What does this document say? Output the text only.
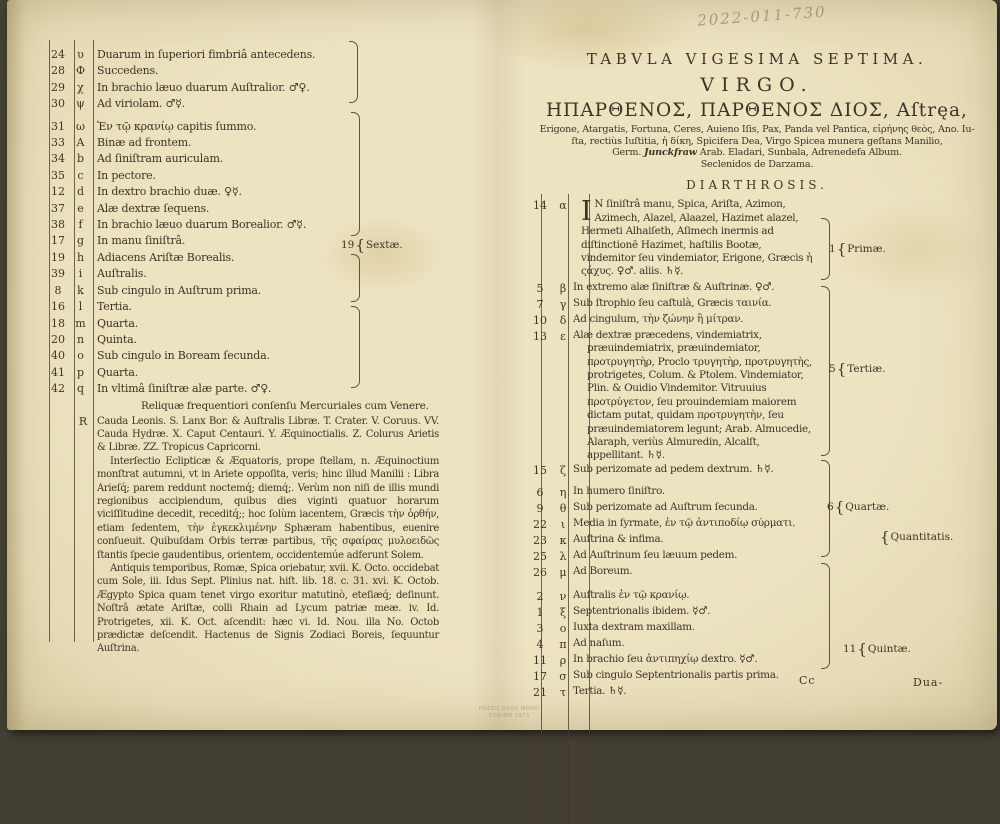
2022-011-730
24	υ	Duarum in ſuperiori fimbriâ antecedens.
28 Φ	Succedens.
29	χ	In brachio læuo duarum Auſtralior. ♂♀.
30	ψ	Ad viriolam. ♂☿.
31	ω	Ἐν τῷ κρανίῳ capitis ſummo.
33	A	Binæ ad frontem.
34	b	Ad ſiniſtram auriculam.
35	c	In pectore.
12	d	In dextro brachio duæ. ♀☿.
37	e	Alæ dextræ ſequens.
38	f	In brachio læuo duarum Borealior. ♂☿.
17	g	In manu ſiniſtrâ.
19	h	Adiacens Ariſtæ Borealis.
39	i	Auſtralis.
8	k	Sub cingulo in Auſtrum prima.
16	l	Tertia.
18 m	Quarta.
20	n	Quinta.
40	o	Sub cingulo in Boream ſecunda.
41	p	Quarta.
42	q	In vltimâ ſiniſtræ alæ parte. ♂♀.
19{Sextæ.
Reliquæ frequentiori conſenſu Mercuriales cum Venere.
R Cauda Leonis. S. Lanx Bor. & Auſtralis Libræ. T. Crater. V. Coruus. VV. Cauda Hydræ. X. Caput Centauri. Y. Æquinoctialis. Z. Colurus Arietis & Libræ. ZZ. Tropicus Capricorni.

Interſectio Eclipticæ & Æquatoris, prope ſtellam, n. Æquinoctium monſtrat autumni, vt in Ariete oppoſita, veris; hinc illud Manilii : Libra Arieſq́; parem reddunt noctemq́; diemq́;. Verùm non niſi de illis mundi regionibus accipiendum, quibus dies viginti quatuor horarum viciſſitudine decedit, receditq́;; hoc ſolùm iacentem, Græcis τὴν ὀρθήν, etiam ſedentem, τὴν ἐγκεκλιμένην Sphæram habentibus, euenire conſueuit. Quibuſdam Orbis terræ partibus, τῆς σφαίρας μυλοειδῶς ſtantis ſpecie gaudentibus, orientem, occidentemúe adferunt Solem.

Antiquis temporibus, Romæ, Spica oriebatur, xvii. K. Octo. occidebat cum Sole, iii. Idus Sept. Plinius nat. hiſt. lib. 18. c. 31. xvi. K. Octob. Ægypto Spica quam tenet virgo exoritur matutinò, eteſiæq́; deſinunt. Noſtrâ ætate Ariſtæ, colli Rhain ad Lycum patriæ meæ. iv. Id. Protrigetes, xii. K. Oct. aſcendit: hæc vi. Id. Nou. illa No. Octob prædictæ deſcendit. Hactenus de Signis Zodiaci Boreis, ſequuntur Auſtrina.

TABVLA VIGESIMA SEPTIMA.
VIRGO.
ΗΠΑΡΘΕΝΟΣ, ΠΑΡΘΕΝΟΣ ΔΙΟΣ, Aſtręa,
Erigone, Atargatis, Fortuna, Ceres, Auieno Iſis, Pax, Panda vel Pantica, εἰρήνης θεὸς, Ano. Iu-
ſta, rectiùs Iuſtitia, ἡ δίκη, Spicifera Dea, Virgo Spicea munera geſtans Manilio,
Germ. Junckfraw Arab. Eladari, Sunbala, Adrenedefa Album.
Seclenidos de Darzama.
DIARTHROSIS.
14	α I N ſiniſtrâ manu, Spica, Ariſta, Azimon, Azimech, Alazel, Alaazel, Hazimet alazel, Hermeti Alhaiſeth, Aſimech inermis ad diſtinctionē Hazimet, haſtilis Bootæ, vindemitor ſeu vindemiator, Erigone, Græcis ἡ ςάχυς. ♀♂. aliis. ♄☿.
5	β In extremo alæ ſiniſtræ & Auſtrinæ. ♀♂.
7	γ Sub ſtrophio ſeu caſtulà, Græcis ταινία.
10	δ Ad cingulum, τὴν ζώνην ἢ μίτραν.
13	ε Alæ dextræ præcedens, vindemiatrix, præuindemiatrix, præuindemiator, προτρυγητὴρ, Proclo τρυγητὴρ, προτρυγητὴς, protrigetes, Colum. & Ptolem. Vindemiator, Plin. & Ouidio Vindemitor. Vitruuius προτρύγετον, ſeu prouindemiam maiorem dictam putat, quidam προτρυγητὴν, ſeu præuindemiatorem legunt; Arab. Almucedie, Alaraph, veriùs Almuredin, Alcalſt, appellitant. ♄☿.
15	ζ Sub perizomate ad pedem dextrum. ♄☿.
6	η In humero ſiniſtro.
9	θ Sub perizomate ad Auſtrum ſecunda.
22	ι Media in ſyrmate, ἐν τῷ ἀντιποδίῳ σύρματι.
23	κ Auſtrina & infima.
25	λ Ad Auſtrinum ſeu læuum pedem.
26	μ Ad Boreum.
2	ν Auſtralis ἐν τῷ κρανίῳ.
1	ξ Septentrionalis ibidem. ☿♂.
3	ο Iuxta dextram maxillam.
4	π Ad naſum.
11	ρ In brachio ſeu ἀντιπηχίῳ dextro. ☿♂.
17	σ Sub cingulo Septentrionalis partis prima.
21	τ Tertia. ♄☿.
1{Primæ.
5{Tertiæ.
6{Quartæ.
{Quantitatis.
11{Quintæ.
Cc	Dua-
POZZO GROS MONTI
TORINO 1973
